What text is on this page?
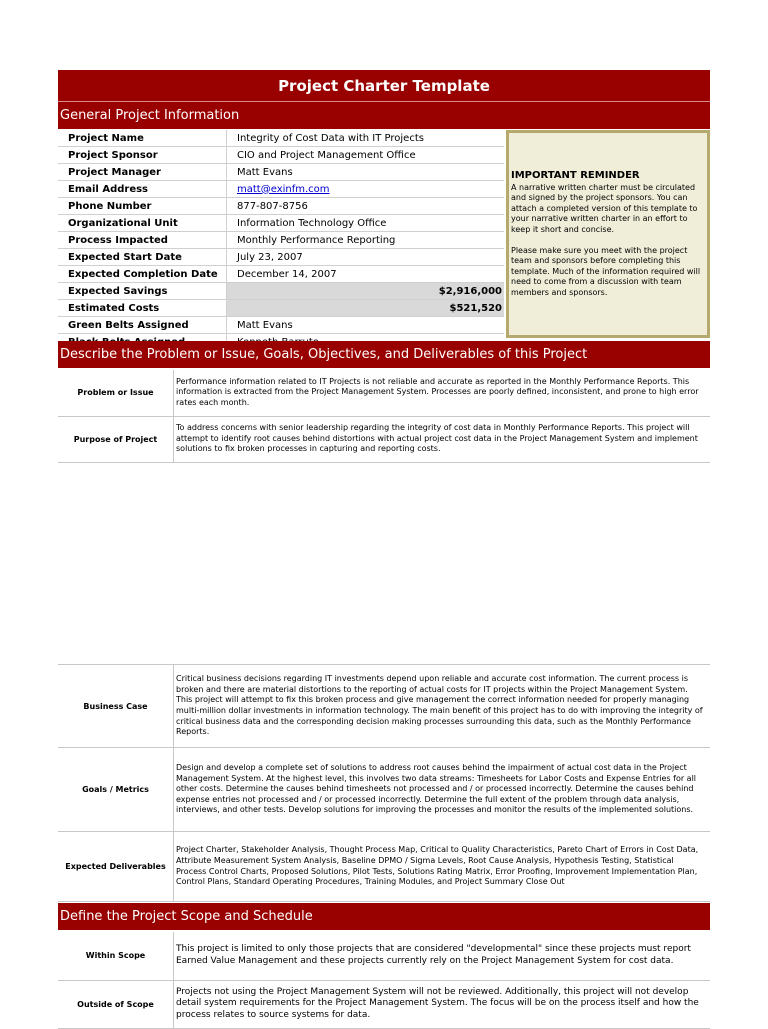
Project Charter Template
General Project Information
Project Name	Integrity of Cost Data with IT Projects
Project Sponsor	CIO and Project Management Office
Project Manager	Matt Evans
Email Address	matt@exinfm.com
Phone Number	877-807-8756
Organizational Unit	Information Technology Office
Process Impacted	Monthly Performance Reporting
Expected Start Date	July 23, 2007
Expected Completion Date	December 14, 2007
Expected Savings	$2,916,000
Estimated Costs	$521,520
Green Belts Assigned	Matt Evans

IMPORTANT REMINDER

A narrative written charter must be circulated and signed by the project sponsors. You can attach a completed version of this template to your narrative written charter in an effort to keep it short and concise.

Please make sure you meet with the project team and sponsors before completing this template. Much of the information required will need to come from a discussion with team members and sponsors.

Describe the Problem or Issue, Goals, Objectives, and Deliverables of this Project
Problem or Issue	Performance information related to IT Projects is not reliable and accurate as reported in the Monthly Performance Reports. This information is extracted from the Project Management System. Processes are poorly defined, inconsistent, and prone to high error rates each month.
Purpose of Project	To address concerns with senior leadership regarding the integrity of cost data in Monthly Performance Reports. This project will attempt to identify root causes behind distortions with actual project cost data in the Project Management System and implement solutions to fix broken processes in capturing and reporting costs.
Business Case	Critical business decisions regarding IT investments depend upon reliable and accurate cost information. The current process is broken and there are material distortions to the reporting of actual costs for IT projects within the Project Management System. This project will attempt to fix this broken process and give management the correct information needed for properly managing multi-million dollar investments in information technology. The main benefit of this project has to do with improving the integrity of critical business data and the corresponding decision making processes surrounding this data, such as the Monthly Performance Reports.
Goals / Metrics	Design and develop a complete set of solutions to address root causes behind the impairment of actual cost data in the Project Management System. At the highest level, this involves two data streams: Timesheets for Labor Costs and Expense Entries for all other costs. Determine the causes behind timesheets not processed and / or processed incorrectly. Determine the causes behind expense entries not processed and / or processed incorrectly. Determine the full extent of the problem through data analysis, interviews, and other tests. Develop solutions for improving the processes and monitor the results of the implemented solutions.
Expected Deliverables	Project Charter, Stakeholder Analysis, Thought Process Map, Critical to Quality Characteristics, Pareto Chart of Errors in Cost Data, Attribute Measurement System Analysis, Baseline DPMO / Sigma Levels, Root Cause Analysis, Hypothesis Testing, Statistical Process Control Charts, Proposed Solutions, Pilot Tests, Solutions Rating Matrix, Error Proofing, Improvement Implementation Plan, Control Plans, Standard Operating Procedures, Training Modules, and Project Summary Close Out
Define the Project Scope and Schedule
Within Scope	This project is limited to only those projects that are considered "developmental" since these projects must report Earned Value Management and these projects currently rely on the Project Management System for cost data.
Outside of Scope	Projects not using the Project Management System will not be reviewed. Additionally, this project will not develop detail system requirements for the Project Management System. The focus will be on the process itself and how the process relates to source systems for data.
